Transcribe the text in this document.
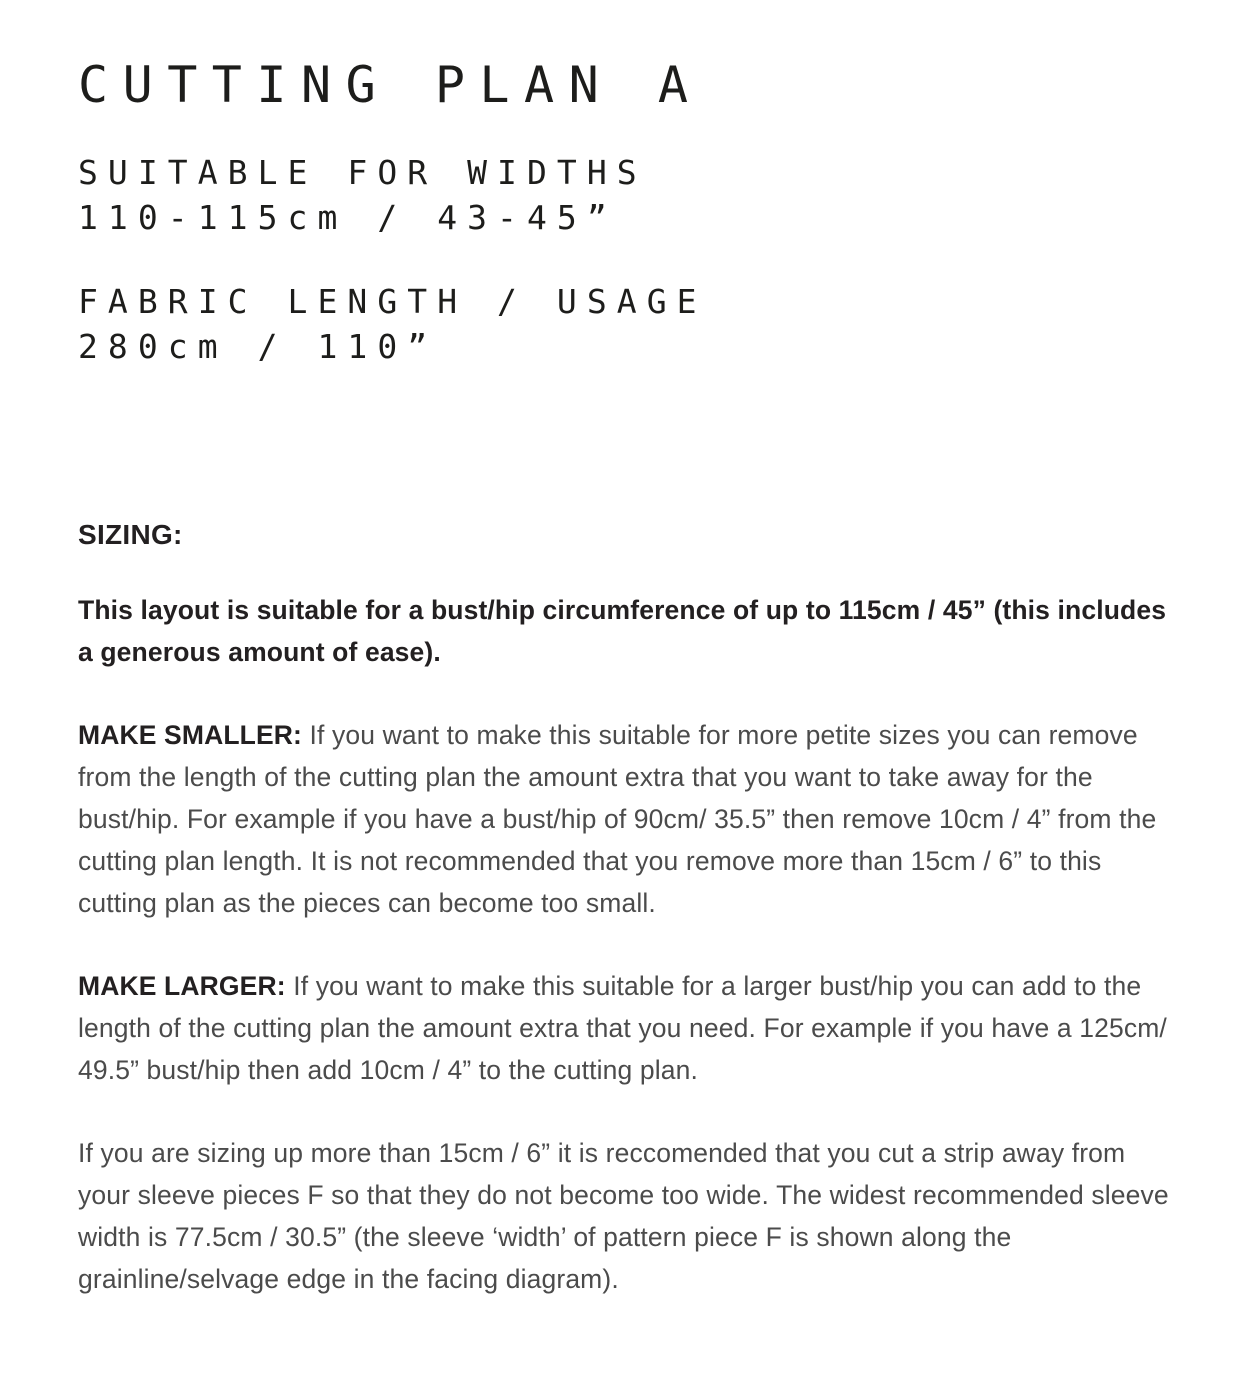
CUTTING PLAN A
SUITABLE FOR WIDTHS
110-115cm / 43-45”
FABRIC LENGTH / USAGE
280cm / 110”
SIZING:

This layout is suitable for a bust/hip circumference of up to 115cm / 45” (this includes a generous amount of ease).

MAKE SMALLER: If you want to make this suitable for more petite sizes you can remove from the length of the cutting plan the amount extra that you want to take away for the bust/hip. For example if you have a bust/hip of 90cm/ 35.5” then remove 10cm / 4” from the cutting plan length. It is not recommended that you remove more than 15cm / 6” to this cutting plan as the pieces can become too small.

MAKE LARGER: If you want to make this suitable for a larger bust/hip you can add to the length of the cutting plan the amount extra that you need. For example if you have a 125cm/ 49.5” bust/hip then add 10cm / 4” to the cutting plan.

If you are sizing up more than 15cm / 6” it is reccomended that you cut a strip away from your sleeve pieces F so that they do not become too wide. The widest recommended sleeve width is 77.5cm / 30.5” (the sleeve ‘width’ of pattern piece F is shown along the grainline/selvage edge in the facing diagram).
